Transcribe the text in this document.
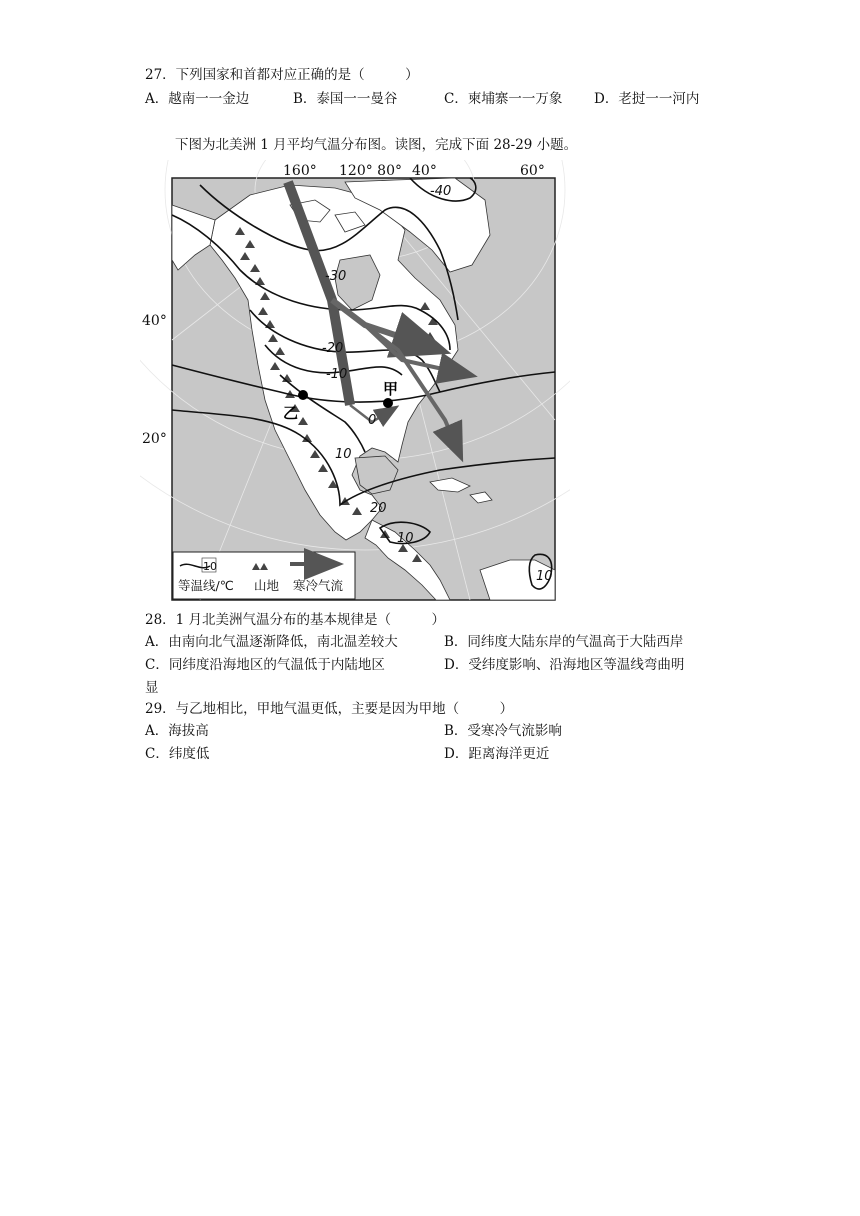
27．下列国家和首都对应正确的是（　　　）
A．越南一一金边	B．泰国一一曼谷	C．柬埔寨一一万象 D．老挝一一河内
下图为北美洲 1 月平均气温分布图。读图，完成下面 28-29 小题。
甲
乙
-40
-30
-20
-10
0
10
20
10
10
160° 120° 80° 40°	60°
40°
20°
10
等温线/℃ 山地 寒冷气流
28．1 月北美洲气温分布的基本规律是（　　　）
A．由南向北气温逐渐降低，南北温差较大	B．同纬度大陆东岸的气温高于大陆西岸
C．同纬度沿海地区的气温低于内陆地区	D．受纬度影响、沿海地区等温线弯曲明
显
29．与乙地相比，甲地气温更低，主要是因为甲地（　　　）
A．海拔高	B．受寒冷气流影响
C．纬度低	D．距离海洋更近
